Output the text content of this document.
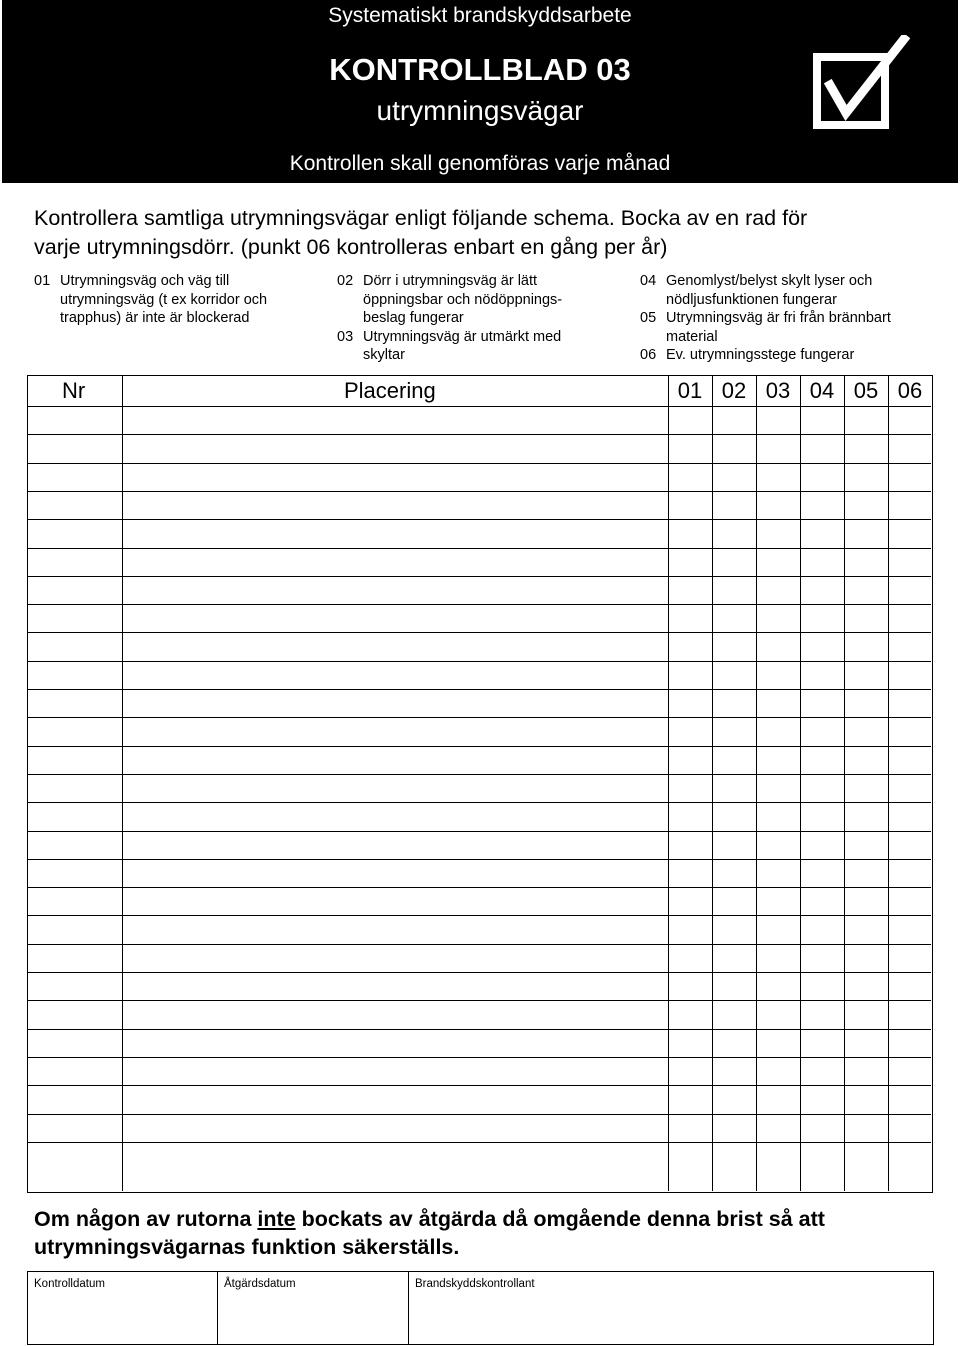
Systematiskt brandskyddsarbete
KONTROLLBLAD 03
utrymningsvägar
Kontrollen skall genomföras varje månad
Kontrollera samtliga utrymningsvägar enligt följande schema. Bocka av en rad för
varje utrymningsdörr. (punkt 06 kontrolleras enbart en gång per år)
01 Utrymningsväg och väg till
utrymningsväg (t ex korridor och
trapphus) är inte är blockerad
02 Dörr i utrymningsväg är lätt
öppningsbar och nödöppnings-
beslag fungerar
03 Utrymningsväg är utmärkt med
skyltar
04 Genomlyst/belyst skylt lyser och
nödljusfunktionen fungerar
05 Utrymningsväg är fri från brännbart
material
06 Ev. utrymningsstege fungerar
Nr	Placering	01 02 03 04 05 06
Om någon av rutorna inte bockats av åtgärda då omgående denna brist så att
utrymningsvägarnas funktion säkerställs.
Kontrolldatum	Åtgärdsdatum	Brandskyddskontrollant
